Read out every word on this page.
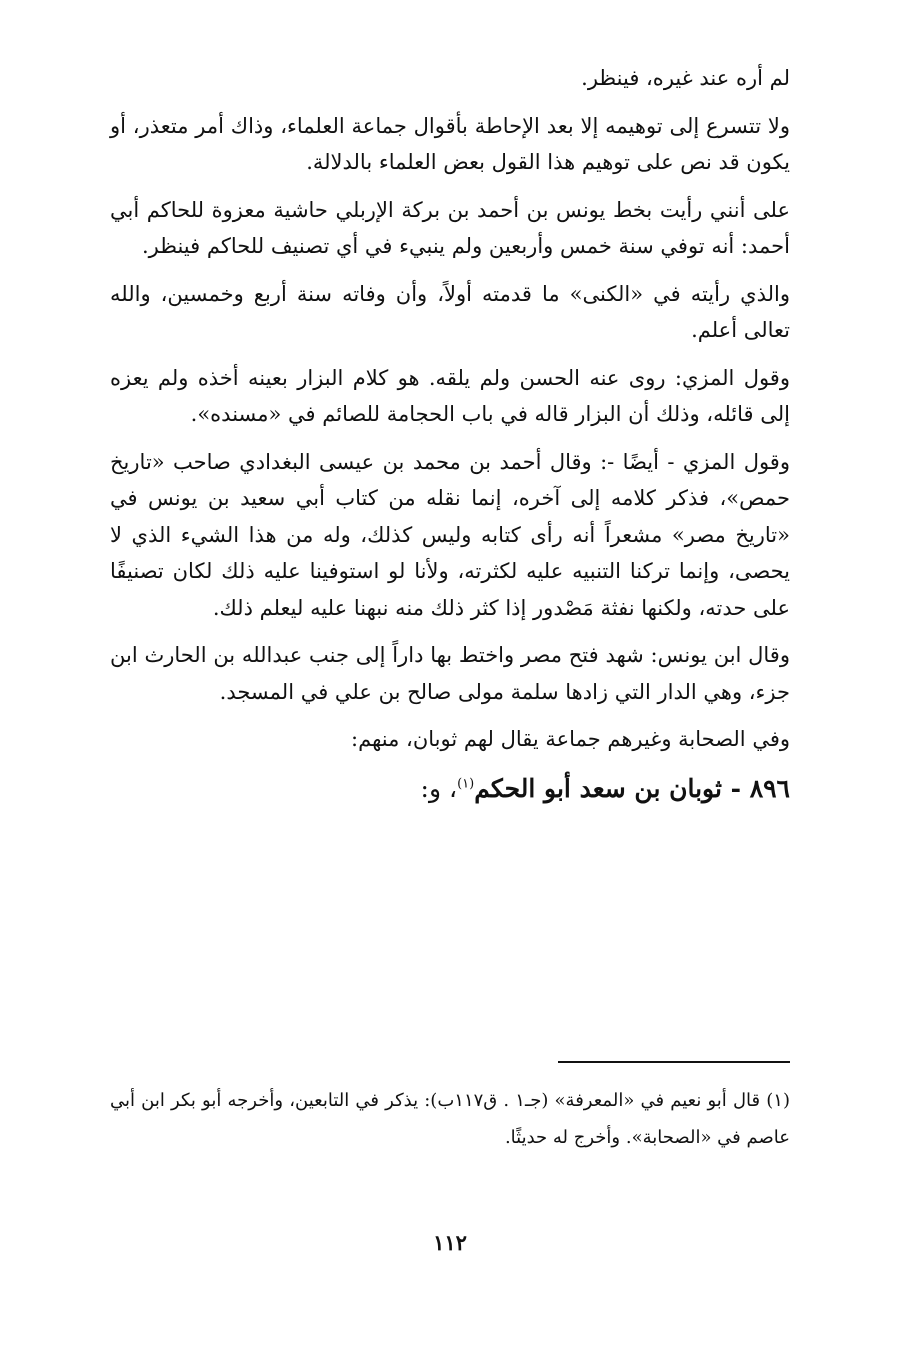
لم أره عند غيره، فينظر.

ولا تتسرع إلى توهيمه إلا بعد الإحاطة بأقوال جماعة العلماء، وذاك أمر متعذر، أو يكون قد نص على توهيم هذا القول بعض العلماء بالدلالة.

على أنني رأيت بخط يونس بن أحمد بن بركة الإربلي حاشية معزوة للحاكم أبي أحمد: أنه توفي سنة خمس وأربعين ولم ينبيء في أي تصنيف للحاكم فينظر.

والذي رأيته في «الكنى» ما قدمته أولاً، وأن وفاته سنة أربع وخمسين، والله تعالى أعلم.

وقول المزي: روى عنه الحسن ولم يلقه. هو كلام البزار بعينه أخذه ولم يعزه إلى قائله، وذلك أن البزار قاله في باب الحجامة للصائم في «مسنده».

وقول المزي - أيضًا -: وقال أحمد بن محمد بن عيسى البغدادي صاحب «تاريخ حمص»، فذكر كلامه إلى آخره، إنما نقله من كتاب أبي سعيد بن يونس في «تاريخ مصر» مشعراً أنه رأى كتابه وليس كذلك، وله من هذا الشيء الذي لا يحصى، وإنما تركنا التنبيه عليه لكثرته، ولأنا لو استوفينا عليه ذلك لكان تصنيفًا على حدته، ولكنها نفثة مَصْدور إذا كثر ذلك منه نبهنا عليه ليعلم ذلك.

وقال ابن يونس: شهد فتح مصر واختط بها داراً إلى جنب عبدالله بن الحارث ابن جزء، وهي الدار التي زادها سلمة مولى صالح بن علي في المسجد.

وفي الصحابة وغيرهم جماعة يقال لهم ثوبان، منهم:

٨٩٦ - ثوبان بن سعد أبو الحكم$^{(١)}$، و:

(١) قال أبو نعيم في «المعرفة» (جـ١ . ق١١٧ب): يذكر في التابعين، وأخرجه أبو بكر ابن أبي عاصم في «الصحابة». وأخرج له حديثًا.
١١٢
